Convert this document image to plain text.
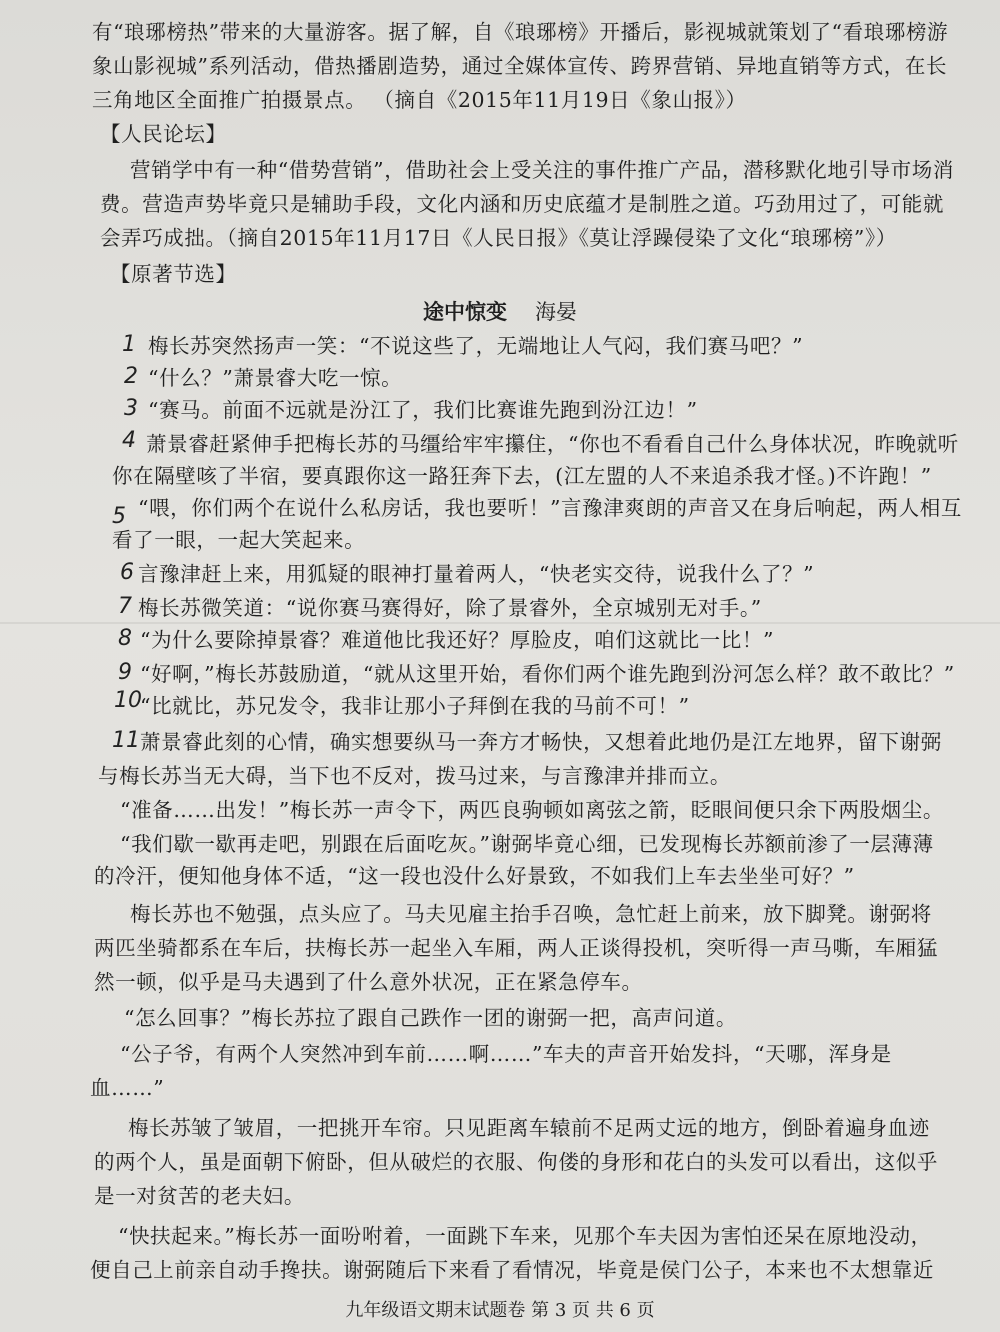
有“琅琊榜热”带来的大量游客。据了解，自《琅琊榜》开播后，影视城就策划了“看琅琊榜游
象山影视城”系列活动，借热播剧造势，通过全媒体宣传、跨界营销、异地直销等方式，在长
三角地区全面推广拍摄景点。 （摘自《2015年11月19日《象山报》）
【人民论坛】
营销学中有一种“借势营销”，借助社会上受关注的事件推广产品，潜移默化地引导市场消
费。营造声势毕竟只是辅助手段，文化内涵和历史底蕴才是制胜之道。巧劲用过了，可能就
会弄巧成拙。（摘自2015年11月17日《人民日报》《莫让浮躁侵染了文化“琅琊榜”》）
【原著节选】
途中惊变 海晏
梅长苏突然扬声一笑：“不说这些了，无端地让人气闷，我们赛马吧？”
“什么？”萧景睿大吃一惊。
“赛马。前面不远就是汾江了，我们比赛谁先跑到汾江边！”
萧景睿赶紧伸手把梅长苏的马缰给牢牢攥住，“你也不看看自己什么身体状况，昨晚就听
你在隔壁咳了半宿，要真跟你这一路狂奔下去，(江左盟的人不来追杀我才怪。)不许跑！”
“喂，你们两个在说什么私房话，我也要听！”言豫津爽朗的声音又在身后响起，两人相互
看了一眼，一起大笑起来。
言豫津赶上来，用狐疑的眼神打量着两人，“快老实交待，说我什么了？”
梅长苏微笑道：“说你赛马赛得好，除了景睿外，全京城别无对手。”
“为什么要除掉景睿？难道他比我还好？厚脸皮，咱们这就比一比！”
“好啊，”梅长苏鼓励道，“就从这里开始，看你们两个谁先跑到汾河怎么样？敢不敢比？”
“比就比，苏兄发令，我非让那小子拜倒在我的马前不可！”
萧景睿此刻的心情，确实想要纵马一奔方才畅快，又想着此地仍是江左地界，留下谢弼
与梅长苏当无大碍，当下也不反对，拨马过来，与言豫津并排而立。
“准备……出发！”梅长苏一声令下，两匹良驹顿如离弦之箭，眨眼间便只余下两股烟尘。
“我们歇一歇再走吧，别跟在后面吃灰。”谢弼毕竟心细，已发现梅长苏额前渗了一层薄薄
的冷汗，便知他身体不适，“这一段也没什么好景致，不如我们上车去坐坐可好？”
梅长苏也不勉强，点头应了。马夫见雇主抬手召唤，急忙赶上前来，放下脚凳。谢弼将
两匹坐骑都系在车后，扶梅长苏一起坐入车厢，两人正谈得投机，突听得一声马嘶，车厢猛
然一顿，似乎是马夫遇到了什么意外状况，正在紧急停车。
“怎么回事？”梅长苏拉了跟自己跌作一团的谢弼一把，高声问道。
“公子爷，有两个人突然冲到车前……啊……”车夫的声音开始发抖，“天哪，浑身是
血……”
梅长苏皱了皱眉，一把挑开车帘。只见距离车辕前不足两丈远的地方，倒卧着遍身血迹
的两个人，虽是面朝下俯卧，但从破烂的衣服、佝偻的身形和花白的头发可以看出，这似乎
是一对贫苦的老夫妇。
“快扶起来。”梅长苏一面吩咐着，一面跳下车来，见那个车夫因为害怕还呆在原地没动，
便自己上前亲自动手搀扶。谢弼随后下来看了看情况，毕竟是侯门公子，本来也不太想靠近
1
2
3
4
5
6
7
8
9
10
11
九年级语文期末试题卷 第 3 页 共 6 页
